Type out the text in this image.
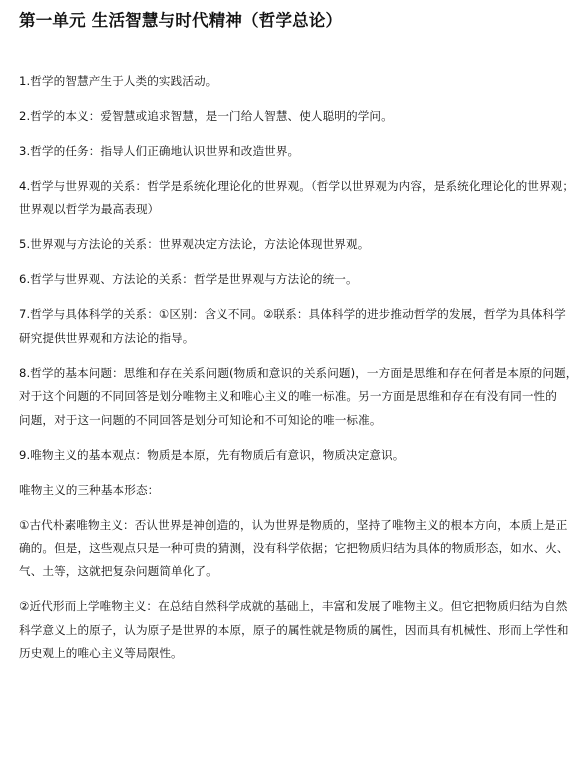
第一单元 生活智慧与时代精神（哲学总论）

1.哲学的智慧产生于人类的实践活动。

2.哲学的本义：爱智慧或追求智慧，是一门给人智慧、使人聪明的学问。

3.哲学的任务：指导人们正确地认识世界和改造世界。

4.哲学与世界观的关系：哲学是系统化理论化的世界观。（哲学以世界观为内容，是系统化理论化的世界观；
世界观以哲学为最高表现）

5.世界观与方法论的关系：世界观决定方法论，方法论体现世界观。

6.哲学与世界观、方法论的关系：哲学是世界观与方法论的统一。

7.哲学与具体科学的关系：①区别：含义不同。②联系：具体科学的进步推动哲学的发展，哲学为具体科学
研究提供世界观和方法论的指导。

8.哲学的基本问题：思维和存在关系问题(物质和意识的关系问题)，一方面是思维和存在何者是本原的问题，
对于这个问题的不同回答是划分唯物主义和唯心主义的唯一标准。另一方面是思维和存在有没有同一性的
问题，对于这一问题的不同回答是划分可知论和不可知论的唯一标准。

9.唯物主义的基本观点：物质是本原，先有物质后有意识，物质决定意识。

唯物主义的三种基本形态：

①古代朴素唯物主义：否认世界是神创造的，认为世界是物质的，坚持了唯物主义的根本方向，本质上是正
确的。但是，这些观点只是一种可贵的猜测，没有科学依据；它把物质归结为具体的物质形态，如水、火、
气、土等，这就把复杂问题简单化了。

②近代形而上学唯物主义：在总结自然科学成就的基础上，丰富和发展了唯物主义。但它把物质归结为自然
科学意义上的原子，认为原子是世界的本原，原子的属性就是物质的属性，因而具有机械性、形而上学性和
历史观上的唯心主义等局限性。
